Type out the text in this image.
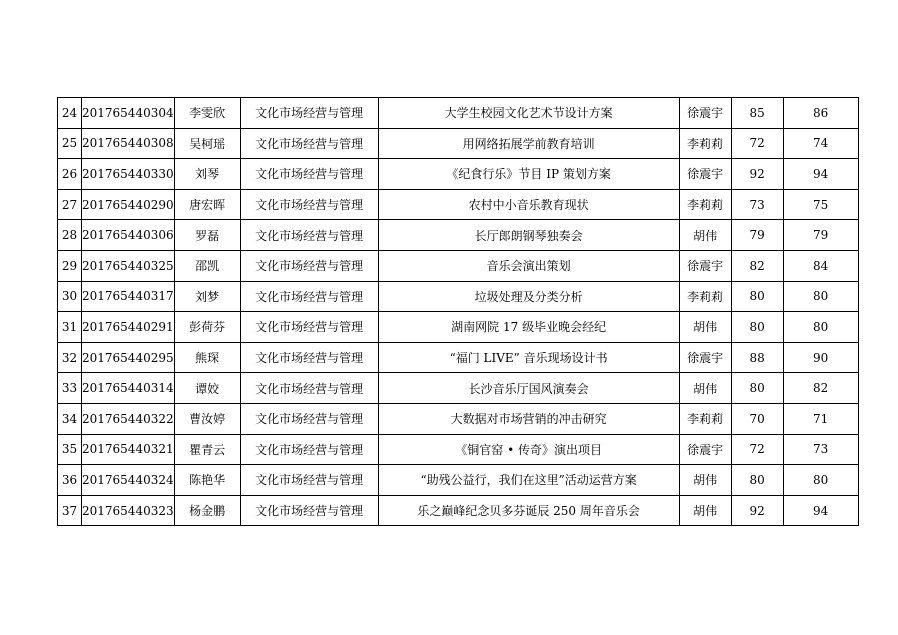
24	201765440304	李雯欣	文化市场经营与管理	大学生校园文化艺术节设计方案	徐震宇	85	86
25	201765440308	吴柯瑶	文化市场经营与管理	用网络拓展学前教育培训	李莉莉	72	74
26	201765440330	刘琴	文化市场经营与管理	《纪食行乐》节目 IP 策划方案	徐震宇	92	94
27	201765440290	唐宏晖	文化市场经营与管理	农村中小音乐教育现状	李莉莉	73	75
28	201765440306	罗磊	文化市场经营与管理	长厅郎朗钢琴独奏会	胡伟	79	79
29	201765440325	邵凯	文化市场经营与管理	音乐会演出策划	徐震宇	82	84
30	201765440317	刘梦	文化市场经营与管理	垃圾处理及分类分析	李莉莉	80	80
31	201765440291	彭荷芬	文化市场经营与管理	湖南网院 17 级毕业晚会经纪	胡伟	80	80
32	201765440295	熊琛	文化市场经营与管理	“福门 LIVE” 音乐现场设计书	徐震宇	88	90
33	201765440314	谭姣	文化市场经营与管理	长沙音乐厅国风演奏会	胡伟	80	82
34	201765440322	曹汝婷	文化市场经营与管理	大数据对市场营销的冲击研究	李莉莉	70	71
35	201765440321	瞿青云	文化市场经营与管理	《铜官窑 • 传奇》演出项目	徐震宇	72	73
36	201765440324	陈艳华	文化市场经营与管理	“助残公益行，我们在这里”活动运营方案	胡伟	80	80
37	201765440323	杨金鹏	文化市场经营与管理	乐之巅峰纪念贝多芬诞辰 250 周年音乐会	胡伟	92	94
